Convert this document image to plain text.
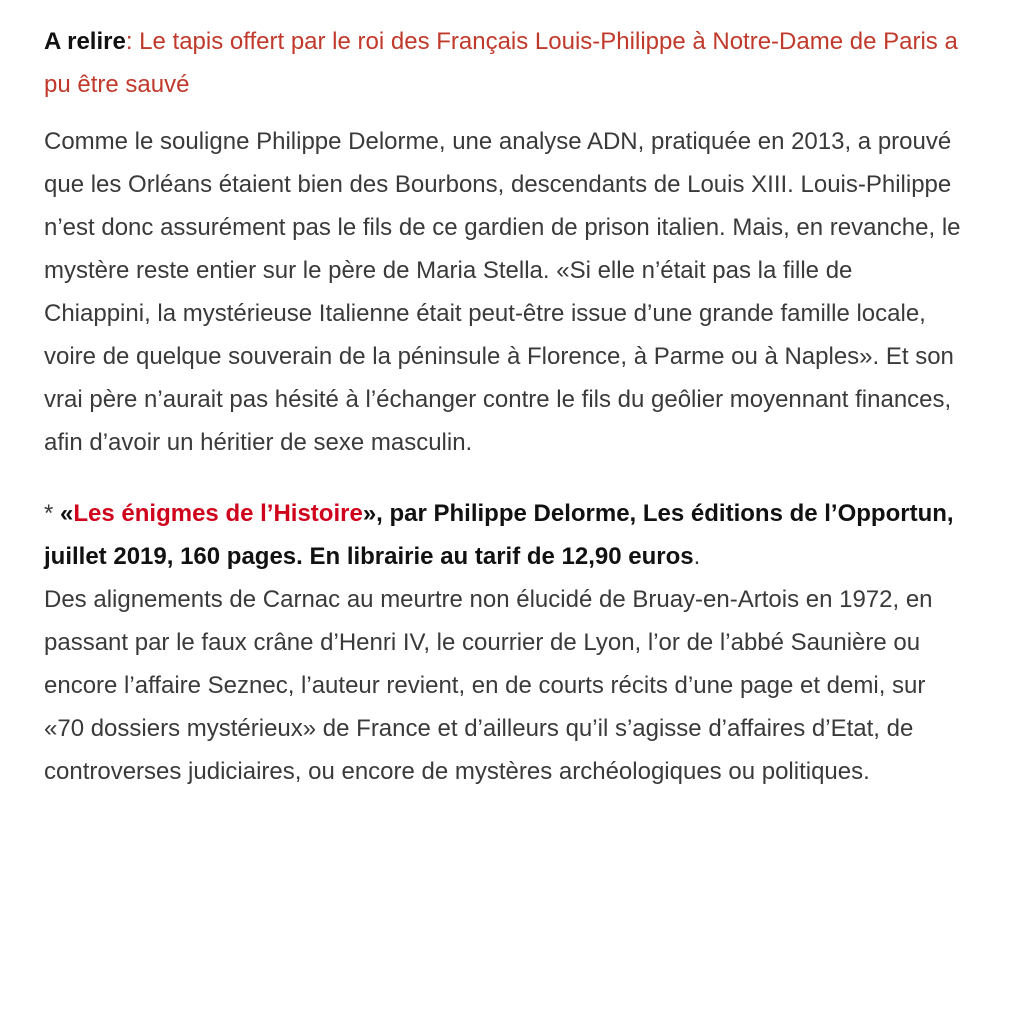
A relire: Le tapis offert par le roi des Français Louis-Philippe à Notre-Dame de Paris a pu être sauvé

Comme le souligne Philippe Delorme, une analyse ADN, pratiquée en 2013, a prouvé que les Orléans étaient bien des Bourbons, descendants de Louis XIII. Louis-Philippe n’est donc assurément pas le fils de ce gardien de prison italien. Mais, en revanche, le mystère reste entier sur le père de Maria Stella. «Si elle n’était pas la fille de Chiappini, la mystérieuse Italienne était peut-être issue d’une grande famille locale, voire de quelque souverain de la péninsule à Florence, à Parme ou à Naples». Et son vrai père n’aurait pas hésité à l’échanger contre le fils du geôlier moyennant finances, afin d’avoir un héritier de sexe masculin.

* «Les énigmes de l’Histoire», par Philippe Delorme, Les éditions de l’Opportun, juillet 2019, 160 pages. En librairie au tarif de 12,90 euros.
Des alignements de Carnac au meurtre non élucidé de Bruay-en-Artois en 1972, en passant par le faux crâne d’Henri IV, le courrier de Lyon, l’or de l’abbé Saunière ou encore l’affaire Seznec, l’auteur revient, en de courts récits d’une page et demi, sur «70 dossiers mystérieux» de France et d’ailleurs qu’il s’agisse d’affaires d’Etat, de controverses judiciaires, ou encore de mystères archéologiques ou politiques.
